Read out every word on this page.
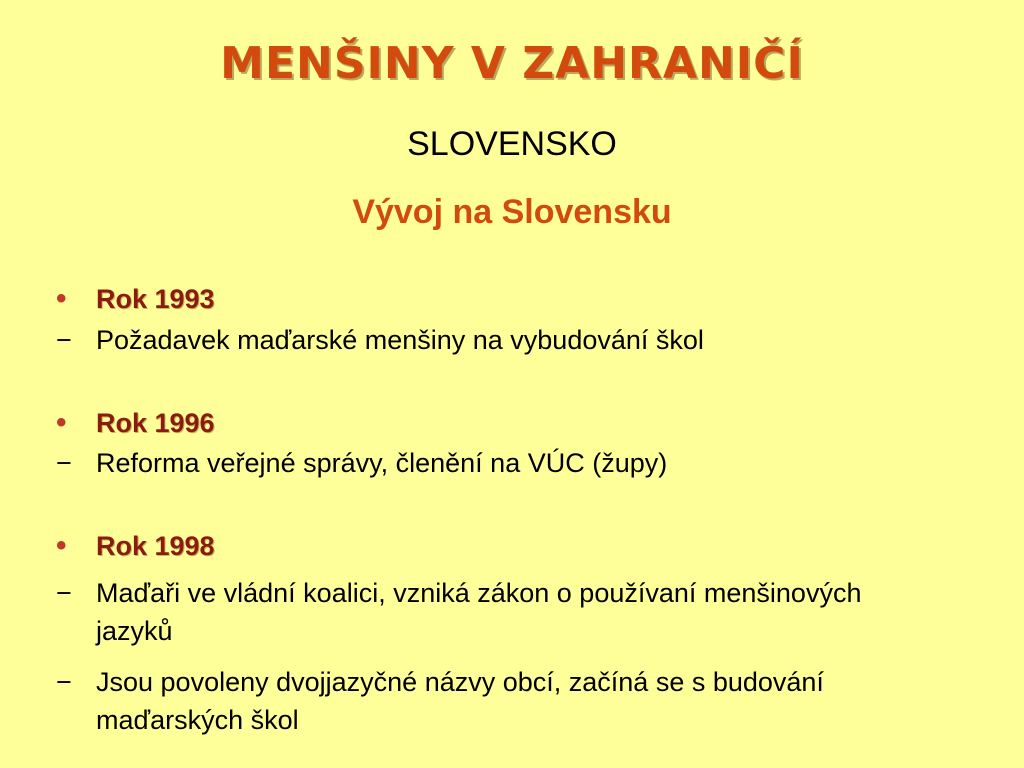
MENŠINY V ZAHRANIČÍ
SLOVENSKO
Vývoj na Slovensku
•	Rok 1993
− Požadavek maďarské menšiny na vybudování škol
•	Rok 1996
− Reforma veřejné správy, členění na VÚC (župy)
•	Rok 1998
− Maďaři ve vládní koalici, vzniká zákon o používaní menšinových jazyků
− Jsou povoleny dvojjazyčné názvy obcí, začíná se s budování maďarských škol
